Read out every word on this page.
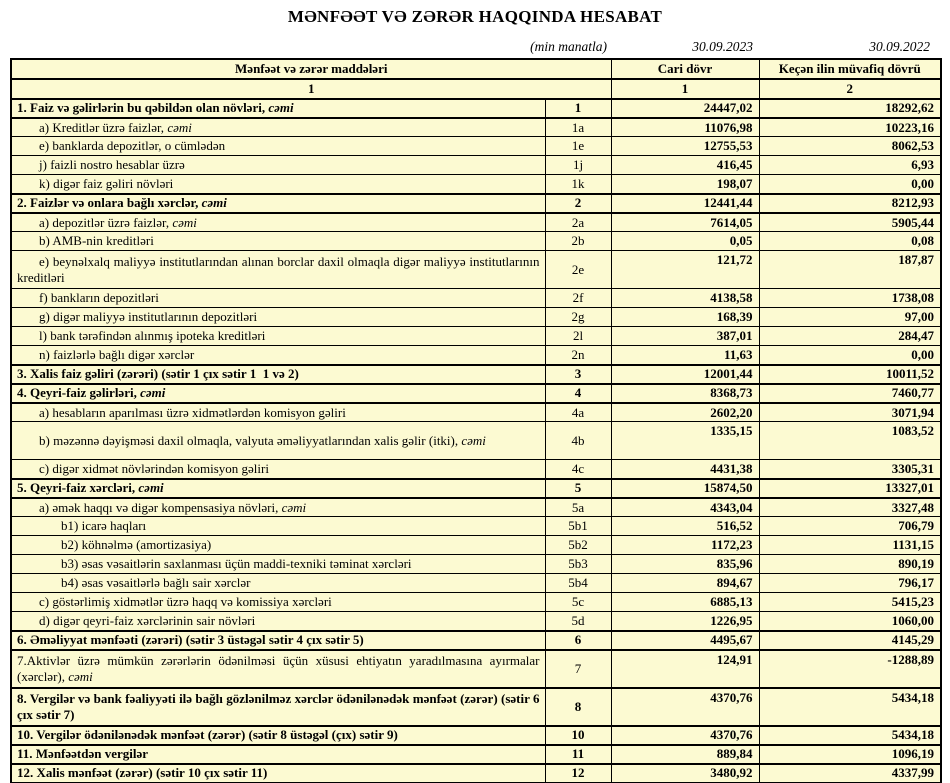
MƏNFƏƏT VƏ ZƏRƏR HAQQINDA HESABAT
(min manatla)	30.09.2023	30.09.2022
Mənfəət və zərər maddələri		Cari dövr	Keçən ilin müvafiq dövrü
1		1	2
1. Faiz və gəlirlərin bu qəbildən olan növləri, cəmi	1	24447,02	18292,62
a) Kreditlər üzrə faizlər, cəmi	1a	11076,98	10223,16
e) banklarda depozitlər, o cümlədən	1e	12755,53	8062,53
j) faizli nostro hesablar üzrə	1j	416,45	6,93
k) digər faiz gəliri növləri	1k	198,07	0,00
2. Faizlər və onlara bağlı xərclər, cəmi	2	12441,44	8212,93
a) depozitlər üzrə faizlər, cəmi	2a	7614,05	5905,44
b) AMB-nin kreditləri	2b	0,05	0,08
e) beynəlxalq maliyyə institutlarından alınan borclar daxil olmaqla digər maliyyə institutlarının kreditləri	2e	121,72	187,87
f) bankların depozitləri	2f	4138,58	1738,08
g) digər maliyyə institutlarının depozitləri	2g	168,39	97,00
l) bank tərəfindən alınmış ipoteka kreditləri	2l	387,01	284,47
n) faizlərlə bağlı digər xərclər	2n	11,63	0,00
3. Xalis faiz gəliri (zərəri) (sətir 1 çıx sətir 1  1 və 2)	3	12001,44	10011,52
4. Qeyri-faiz gəlirləri, cəmi	4	8368,73	7460,77
a) hesabların aparılması üzrə xidmətlərdən komisyon gəliri	4a	2602,20	3071,94
b) məzənnə dəyişməsi daxil olmaqla, valyuta əməliyyatlarından xalis gəlir (itki), cəmi	4b	1335,15	1083,52
c) digər xidmət növlərindən komisyon gəliri	4c	4431,38	3305,31
5. Qeyri-faiz xərcləri, cəmi	5	15874,50	13327,01
a) əmək haqqı və digər kompensasiya növləri, cəmi	5a	4343,04	3327,48
b1) icarə haqları	5b1	516,52	706,79
b2) köhnəlmə (amortizasiya)	5b2	1172,23	1131,15
b3) əsas vəsaitlərin saxlanması üçün maddi-texniki təminat xərcləri	5b3	835,96	890,19
b4) əsas vəsaitlərlə bağlı sair xərclər	5b4	894,67	796,17
c) göstərlimiş xidmətlər üzrə haqq və komissiya xərcləri	5c	6885,13	5415,23
d) digər qeyri-faiz xərclərinin sair növləri	5d	1226,95	1060,00
6. Əməliyyat mənfəəti (zərəri) (sətir 3 üstəgəl sətir 4 çıx sətir 5)	6	4495,67	4145,29
7.Aktivlər üzrə mümkün zərərlərin ödənilməsi üçün xüsusi ehtiyatın yaradılmasına ayırmalar (xərclər), cəmi	7	124,91	-1288,89
8. Vergilər və bank fəaliyyəti ilə bağlı gözlənilməz xərclər ödənilənədək mənfəət (zərər) (sətir 6 çıx sətir 7)	8	4370,76	5434,18
10. Vergilər ödənilənədək mənfəət (zərər) (sətir 8 üstəgəl (çıx) sətir 9)	10	4370,76	5434,18
11. Mənfəətdən vergilər	11	889,84	1096,19
12. Xalis mənfəət (zərər) (sətir 10 çıx sətir 11)	12	3480,92	4337,99
